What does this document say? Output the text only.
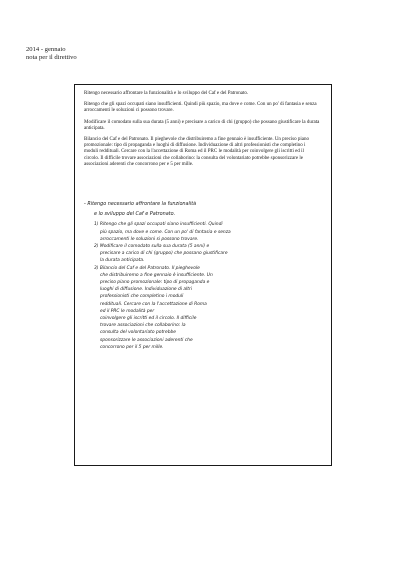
2014 - gennaio
nota per il direttivo

Ritengo necessario affrontare la funzionalità e lo sviluppo del Caf e del Patronato.

Ritengo che gli spazi occupati siano insufficienti. Quindi più spazio, ma dove e come. Con un po' di fantasia e senza arroccamenti le soluzioni ci possono trovare.

Modificare il comodato sulla sua durata (5 anni) e precisare a carico di chi (gruppo) che possano giustificare la durata anticipata.

Bilancio del Caf e del Patronato. Il pieghevole che distribuiremo a fine gennaio è insufficiente. Un preciso piano promozionale: tipo di propaganda e luoghi di diffusione. Individuazione di altri professionisti che completino i moduli reddituali. Cercare con la l'accettazione di Roma ed il PRC le modalità per coinvolgere gli iscritti ed il circolo. Il difficile trovare associazioni che collaborino: la consulta del volontariato potrebbe sponsorizzare le associazioni aderenti che concorrono per e 5 per mille.

- Ritengo necessario affrontare la funzionalità
e lo sviluppo del Caf e Patronato.
1) Ritengo che gli spazi occupati siano insufficienti. Quindi
più spazio, ma dove e come. Con un po' di fantasia e senza
arroccamenti le soluzioni si possono trovare.
2) Modificare il comodato sulla sua durata (5 anni) e
precisare a carico di chi (gruppo) che possano giustificare
la durata anticipata.
3) Bilancio del Caf e del Patronato. Il pieghevole
che distribuiremo a fine gennaio è insufficiente. Un
preciso piano promozionale: tipo di propaganda e
luoghi di diffusione. Individuazione di altri
professionisti che completino i moduli
reddituali. Cercare con la l'accettazione di Roma
ed il PRC le modalità per
coinvolgere gli iscritti ed il circolo. Il difficile
trovare associazioni che collaborino: la
consulta del volontariato potrebbe
sponsorizzare le associazioni aderenti che
concorrono per il 5 per mille.
